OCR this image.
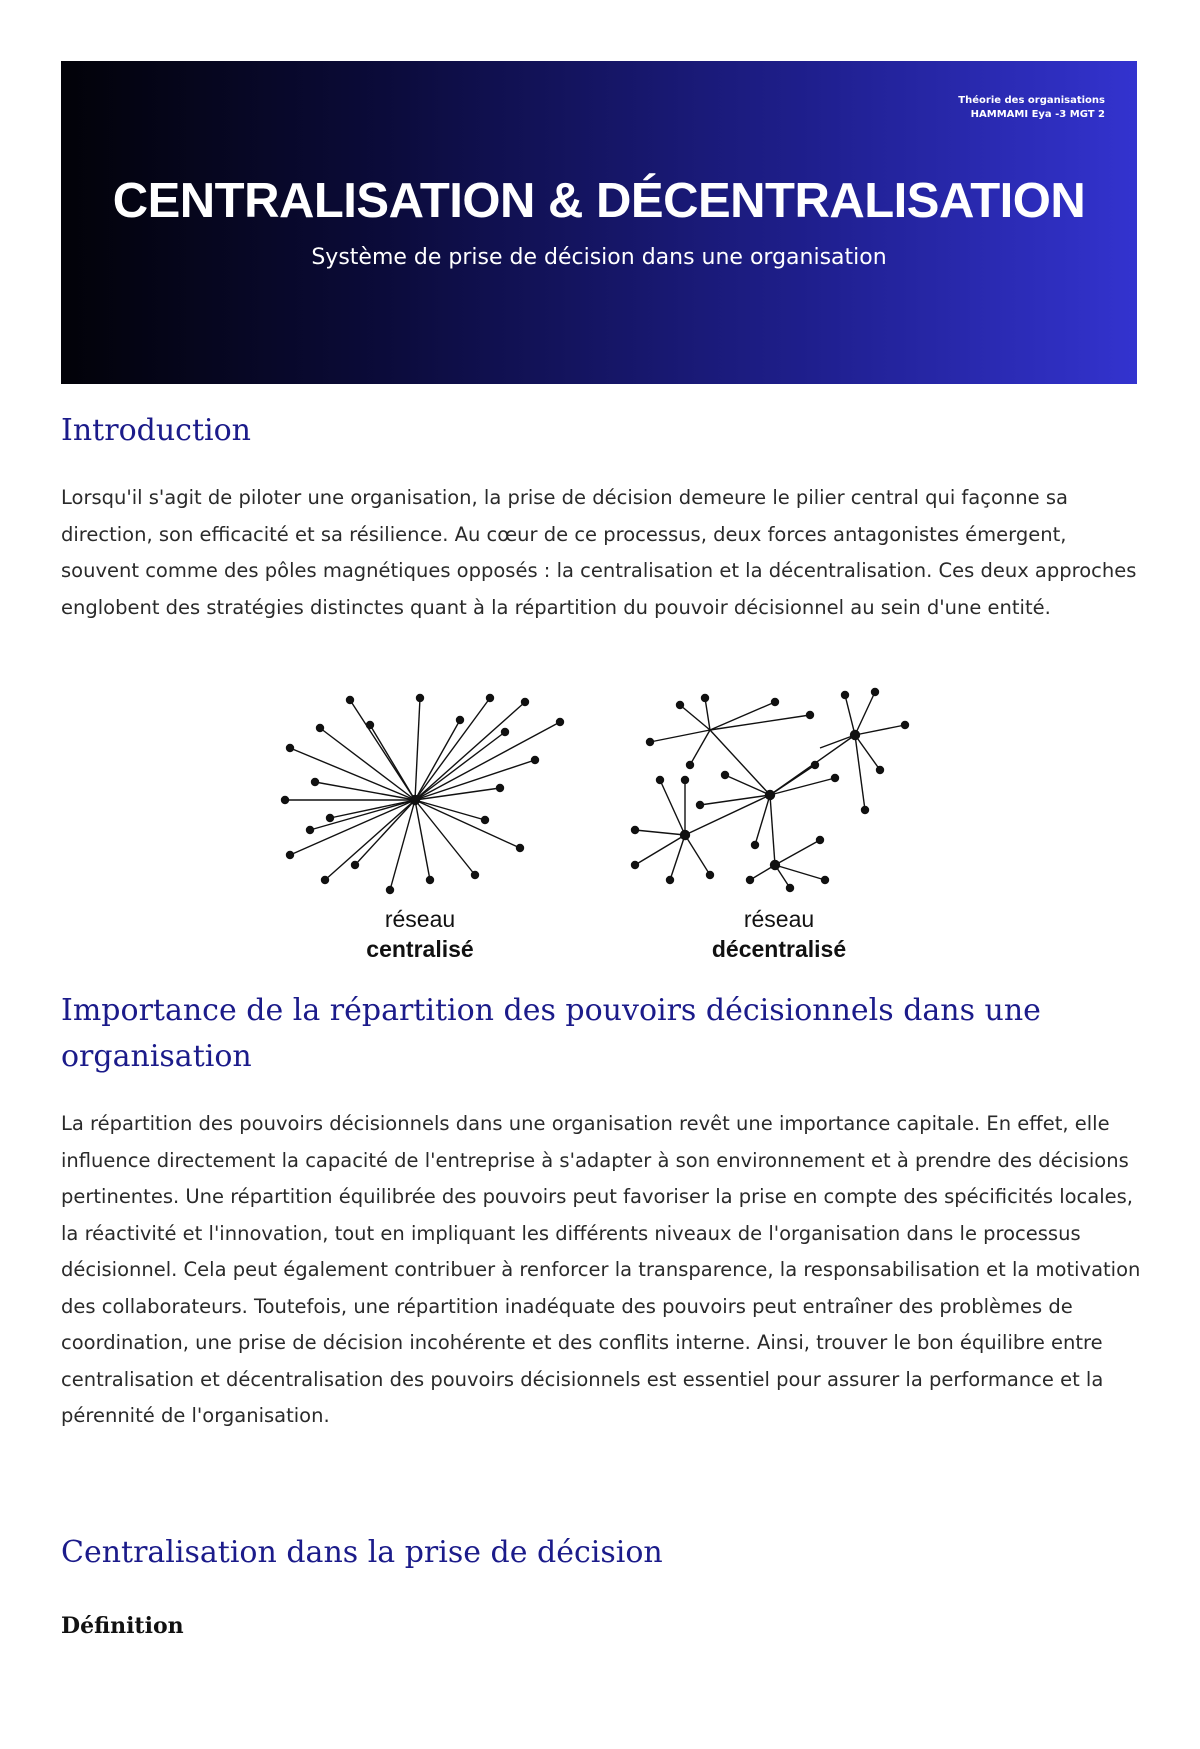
Théorie des organisations
HAMMAMI Eya -3 MGT 2
CENTRALISATION & DÉCENTRALISATION
Système de prise de décision dans une organisation
Introduction

Lorsqu'il s'agit de piloter une organisation, la prise de décision demeure le pilier central qui façonne sa direction, son efficacité et sa résilience. Au cœur de ce processus, deux forces antagonistes émergent, souvent comme des pôles magnétiques opposés : la centralisation et la décentralisation. Ces deux approches englobent des stratégies distinctes quant à la répartition du pouvoir décisionnel au sein d'une entité.

réseau
centralisé
réseau
décentralisé
Importance de la répartition des pouvoirs décisionnels dans une organisation

La répartition des pouvoirs décisionnels dans une organisation revêt une importance capitale. En effet, elle influence directement la capacité de l'entreprise à s'adapter à son environnement et à prendre des décisions pertinentes. Une répartition équilibrée des pouvoirs peut favoriser la prise en compte des spécificités locales, la réactivité et l'innovation, tout en impliquant les différents niveaux de l'organisation dans le processus décisionnel. Cela peut également contribuer à renforcer la transparence, la responsabilisation et la motivation des collaborateurs. Toutefois, une répartition inadéquate des pouvoirs peut entraîner des problèmes de coordination, une prise de décision incohérente et des conflits interne. Ainsi, trouver le bon équilibre entre centralisation et décentralisation des pouvoirs décisionnels est essentiel pour assurer la performance et la pérennité de l'organisation.

Centralisation dans la prise de décision
Définition
